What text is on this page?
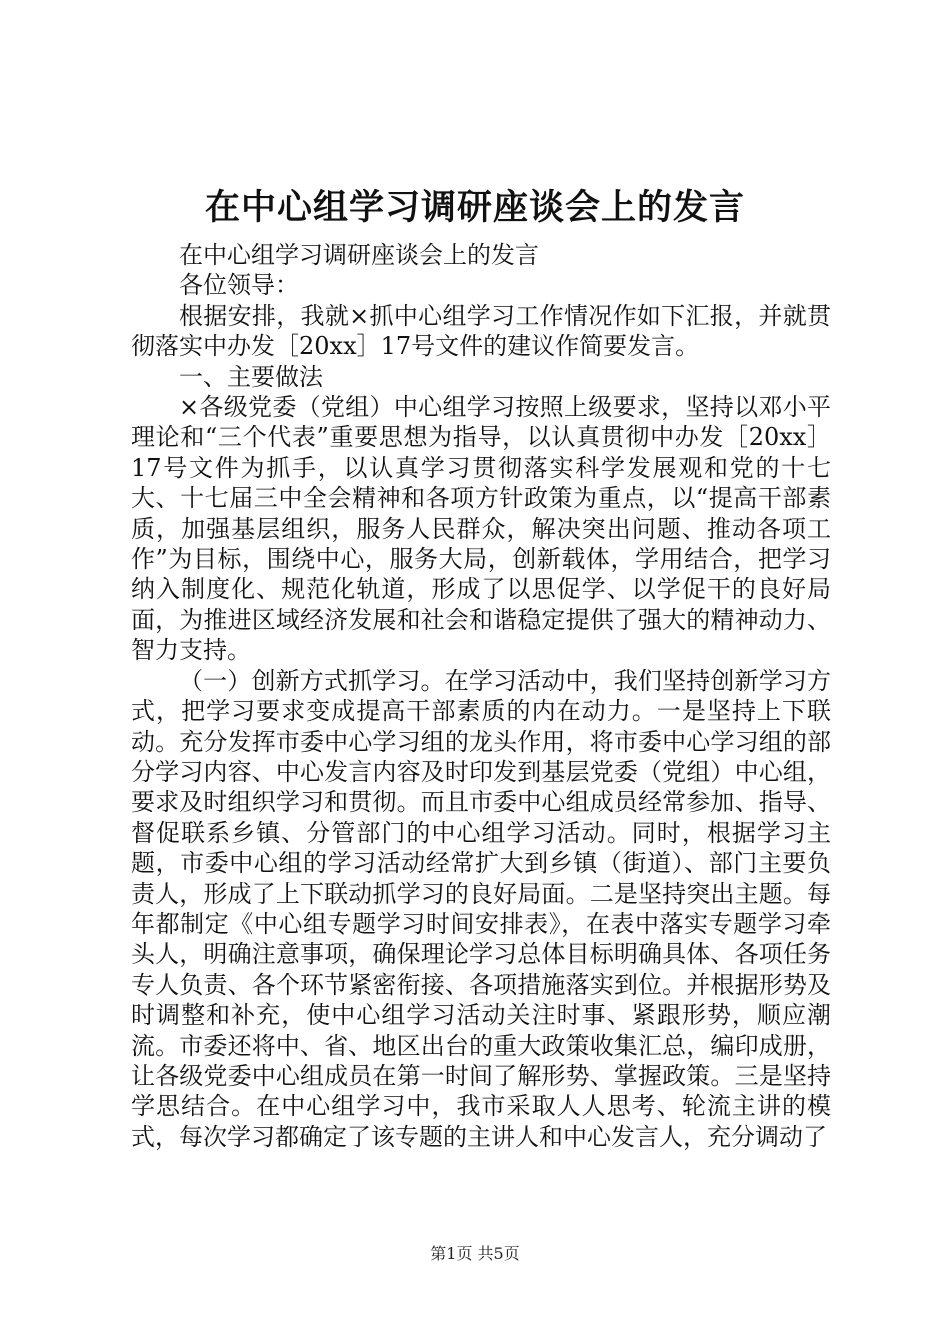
在中心组学习调研座谈会上的发言

在中心组学习调研座谈会上的发言

各位领导：

根据安排，我就×抓中心组学习工作情况作如下汇报，并就贯彻落实中办发［20xx］17号文件的建议作简要发言。

一、主要做法

×各级党委（党组）中心组学习按照上级要求，坚持以邓小平理论和“三个代表”重要思想为指导，以认真贯彻中办发［20xx］17号文件为抓手，以认真学习贯彻落实科学发展观和党的十七大、十七届三中全会精神和各项方针政策为重点，以“提高干部素质，加强基层组织，服务人民群众，解决突出问题、推动各项工作”为目标，围绕中心，服务大局，创新载体，学用结合，把学习纳入制度化、规范化轨道，形成了以思促学、以学促干的良好局面，为推进区域经济发展和社会和谐稳定提供了强大的精神动力、智力支持。

（一）创新方式抓学习。在学习活动中，我们坚持创新学习方式，把学习要求变成提高干部素质的内在动力。一是坚持上下联动。充分发挥市委中心学习组的龙头作用，将市委中心学习组的部分学习内容、中心发言内容及时印发到基层党委（党组）中心组，要求及时组织学习和贯彻。而且市委中心组成员经常参加、指导、督促联系乡镇、分管部门的中心组学习活动。同时，根据学习主题，市委中心组的学习活动经常扩大到乡镇（街道）、部门主要负责人，形成了上下联动抓学习的良好局面。二是坚持突出主题。每年都制定《中心组专题学习时间安排表》，在表中落实专题学习牵头人，明确注意事项，确保理论学习总体目标明确具体、各项任务专人负责、各个环节紧密衔接、各项措施落实到位。并根据形势及时调整和补充，使中心组学习活动关注时事、紧跟形势，顺应潮流。市委还将中、省、地区出台的重大政策收集汇总，编印成册，让各级党委中心组成员在第一时间了解形势、掌握政策。三是坚持学思结合。在中心组学习中，我市采取人人思考、轮流主讲的模式，每次学习都确定了该专题的主讲人和中心发言人，充分调动了

第1页 共5页
